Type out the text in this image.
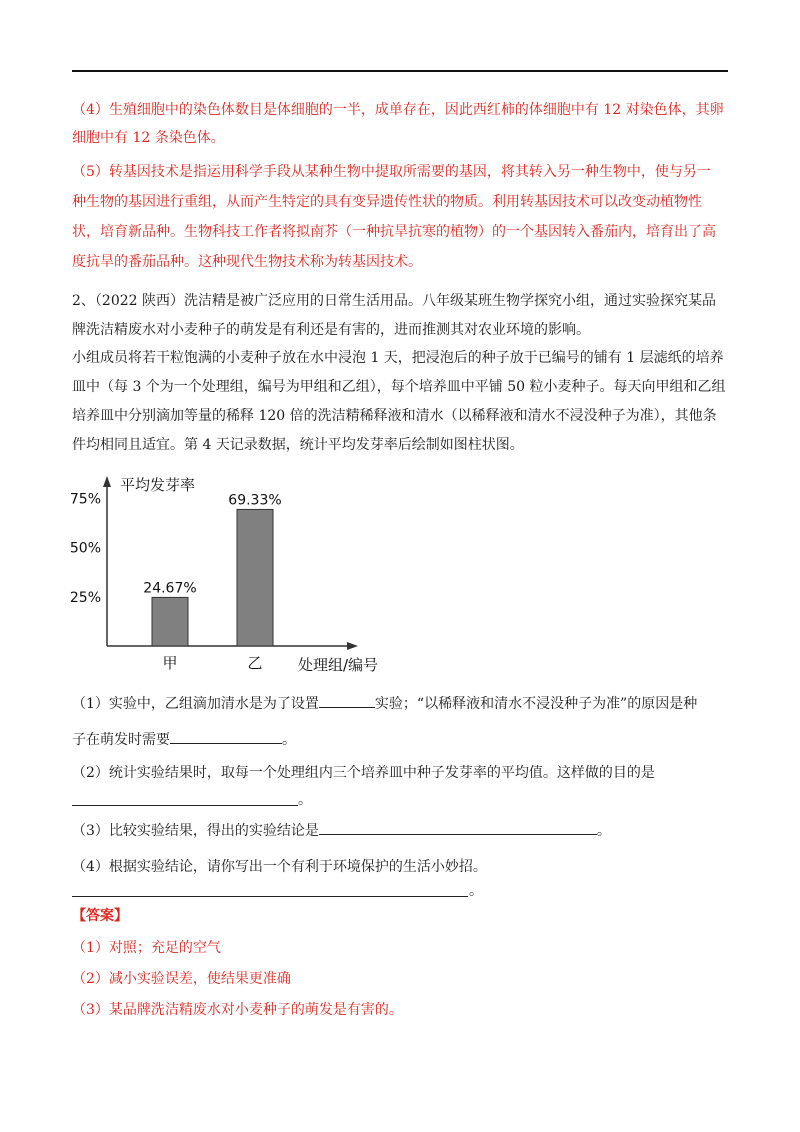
（4）生殖细胞中的染色体数目是体细胞的一半，成单存在，因此西红柿的体细胞中有 12 对染色体，其卵
细胞中有 12 条染色体。
（5）转基因技术是指运用科学手段从某种生物中提取所需要的基因，将其转入另一种生物中，使与另一
种生物的基因进行重组，从而产生特定的具有变异遗传性状的物质。利用转基因技术可以改变动植物性
状，培育新品种。生物科技工作者将拟南芥（一种抗旱抗寒的植物）的一个基因转入番茄内，培育出了高
度抗旱的番茄品种。这种现代生物技术称为转基因技术。
2、（2022 陕西）洗洁精是被广泛应用的日常生活用品。八年级某班生物学探究小组，通过实验探究某品
牌洗洁精废水对小麦种子的萌发是有利还是有害的，进而推测其对农业环境的影响。
小组成员将若干粒饱满的小麦种子放在水中浸泡 1 天，把浸泡后的种子放于已编号的铺有 1 层滤纸的培养
皿中（每 3 个为一个处理组，编号为甲组和乙组），每个培养皿中平铺 50 粒小麦种子。每天向甲组和乙组
培养皿中分别滴加等量的稀释 120 倍的洗洁精稀释液和清水（以稀释液和清水不浸没种子为准），其他条
件均相同且适宜。第 4 天记录数据，统计平均发芽率后绘制如图柱状图。
平均发芽率
处理组/编号
25%
50%
75%
24.67%
甲
69.33%
乙
（1）实验中，乙组滴加清水是为了设置	实验；“以稀释液和清水不浸没种子为准”的原因是种
子在萌发时需要	。
（2）统计实验结果时，取每一个处理组内三个培养皿中种子发芽率的平均值。这样做的目的是
。
（3）比较实验结果，得出的实验结论是	。
（4）根据实验结论，请你写出一个有利于环境保护的生活小妙招。
。
【答案】
（1）对照；充足的空气
（2）减小实验误差，使结果更准确
（3）某品牌洗洁精废水对小麦种子的萌发是有害的。
